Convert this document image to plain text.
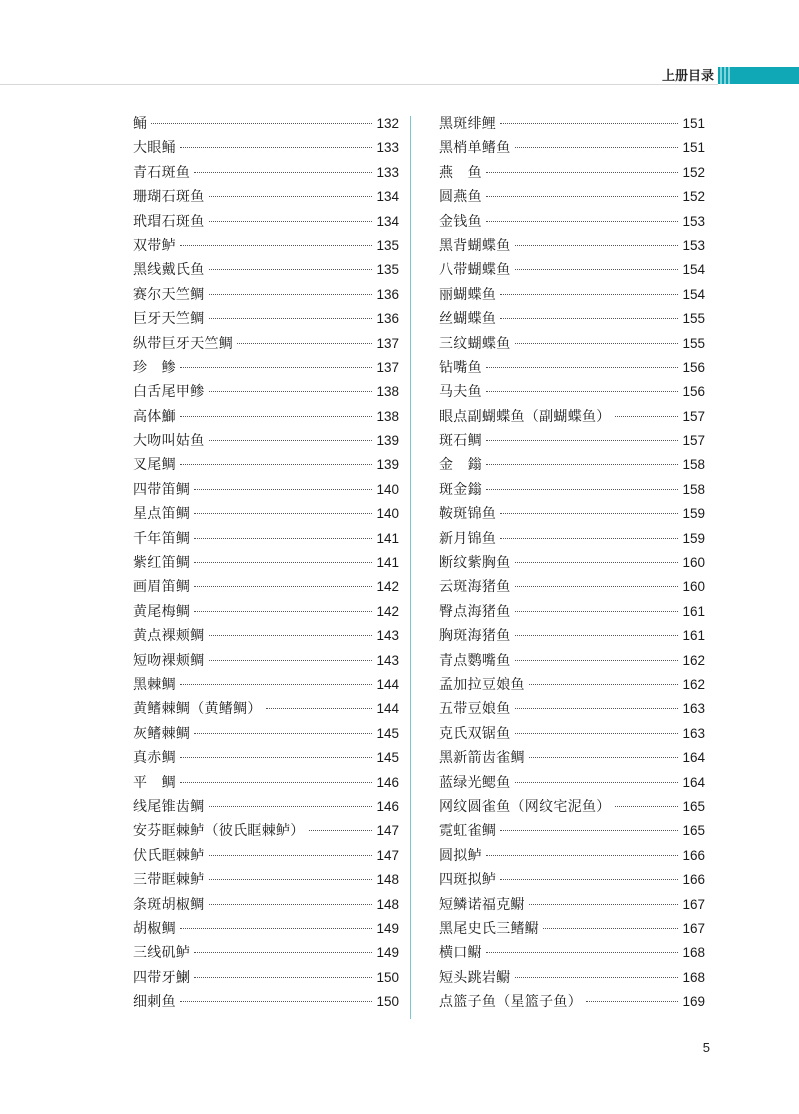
上册目录
鲬	132
大眼鲬	133
青石斑鱼	133
珊瑚石斑鱼	134
玳瑁石斑鱼	134
双带鲈	135
黑线戴氏鱼	135
赛尔天竺鲷	136
巨牙天竺鲷	136
纵带巨牙天竺鲷	137
珍　鲹	137
白舌尾甲鲹	138
高体鰤	138
大吻叫姑鱼	139
叉尾鲷	139
四带笛鲷	140
星点笛鲷	140
千年笛鲷	141
紫红笛鲷	141
画眉笛鲷	142
黄尾梅鲷	142
黄点裸颊鲷	143
短吻裸颊鲷	143
黑棘鲷	144
黄鳍棘鲷（黄鳍鲷）	144
灰鳍棘鲷	145
真赤鲷	145
平　鲷	146
线尾锥齿鲷	146
安芬眶棘鲈（彼氏眶棘鲈）	147
伏氏眶棘鲈	147
三带眶棘鲈	148
条斑胡椒鲷	148
胡椒鲷	149
三线矶鲈	149
四带牙鯻	150
细刺鱼	150
黑斑绯鲤	151
黑梢单鳍鱼	151
燕　鱼	152
圆燕鱼	152
金钱鱼	153
黑背蝴蝶鱼	153
八带蝴蝶鱼	154
丽蝴蝶鱼	154
丝蝴蝶鱼	155
三纹蝴蝶鱼	155
钻嘴鱼	156
马夫鱼	156
眼点副蝴蝶鱼（副蝴蝶鱼）	157
斑石鲷	157
金　鎓	158
斑金鎓	158
鞍斑锦鱼	159
新月锦鱼	159
断纹紫胸鱼	160
云斑海猪鱼	160
臀点海猪鱼	161
胸斑海猪鱼	161
青点鹦嘴鱼	162
孟加拉豆娘鱼	162
五带豆娘鱼	163
克氏双锯鱼	163
黑新箭齿雀鲷	164
蓝绿光鳃鱼	164
网纹圆雀鱼（网纹宅泥鱼）	165
霓虹雀鲷	165
圆拟鲈	166
四斑拟鲈	166
短鳞诺福克鳚	167
黑尾史氏三鳍鳚	167
横口鳚	168
短头跳岩鳚	168
点篮子鱼（星篮子鱼）	169
5
